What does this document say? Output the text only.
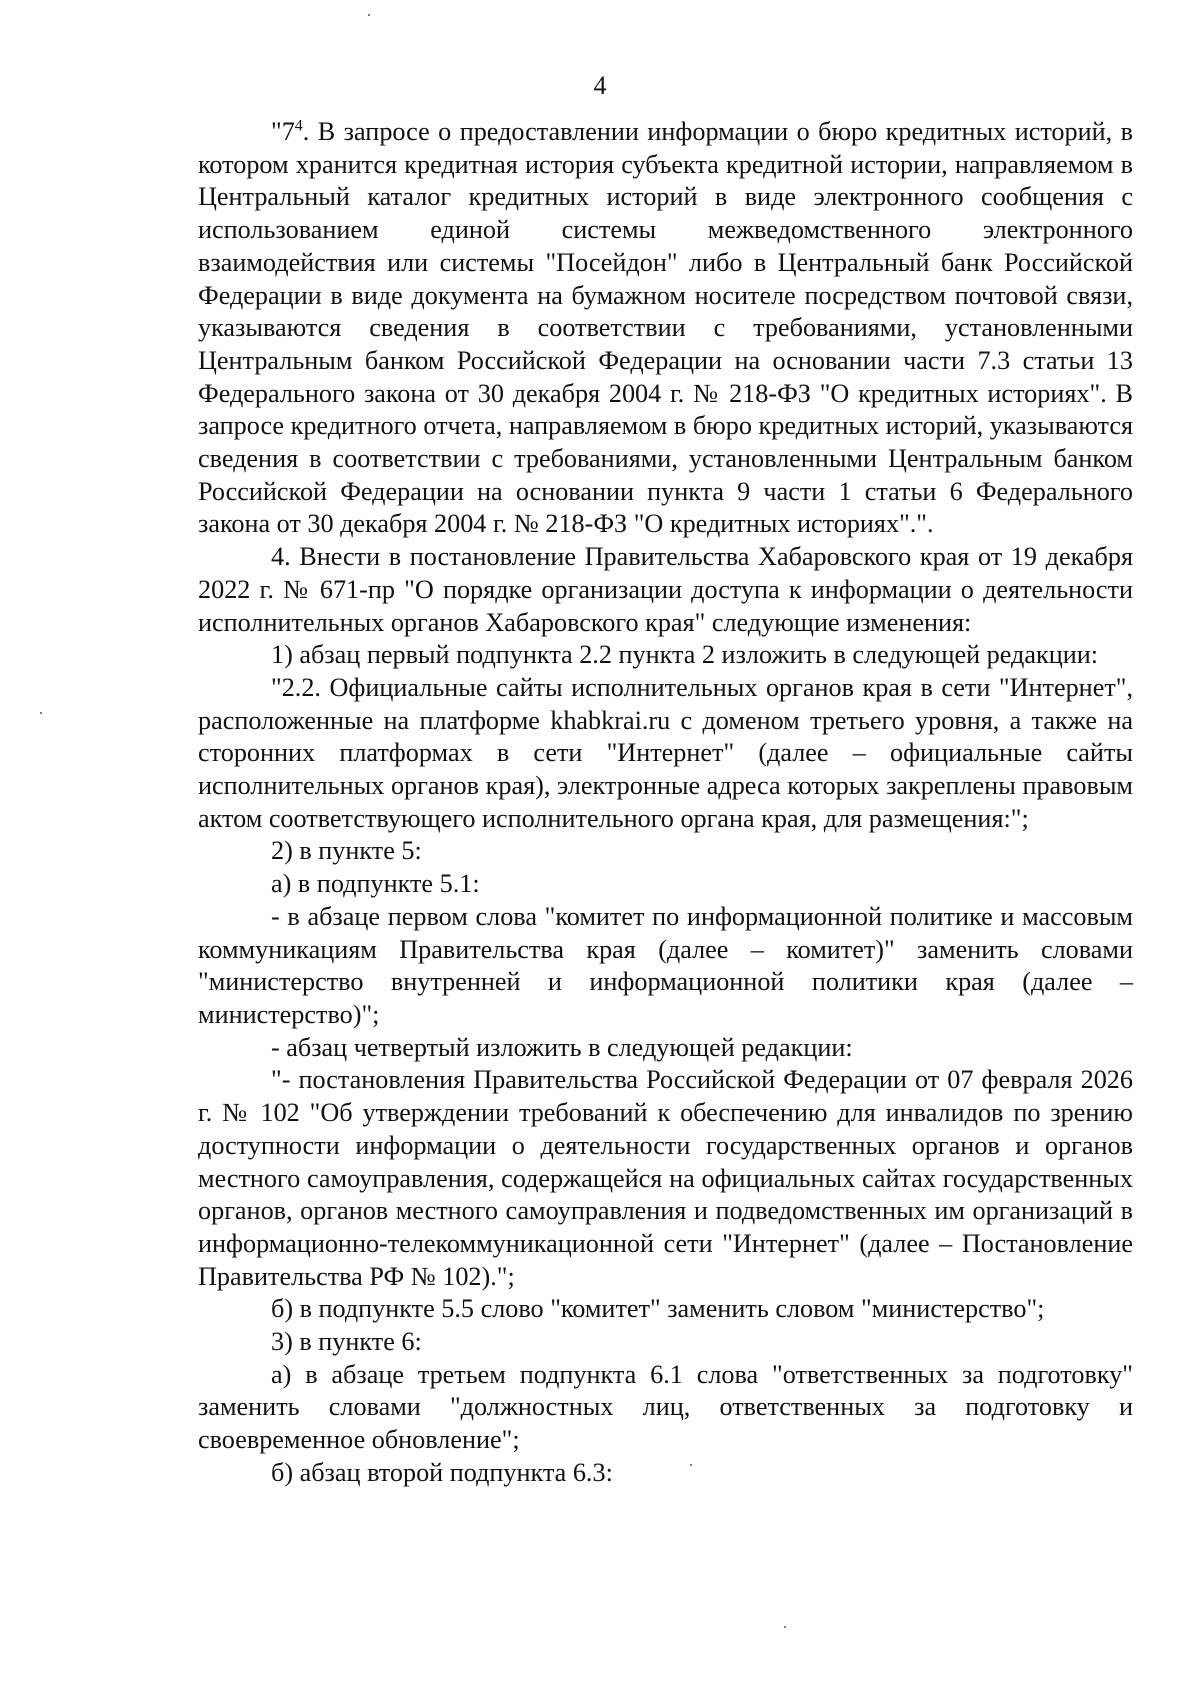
4

"$7^4$. В запросе о предоставлении информации о бюро кредитных историй, в котором хранится кредитная история субъекта кредитной истории, направляемом в Центральный каталог кредитных историй в виде электронного сообщения с использованием единой системы межведомственного электронного взаимодействия или системы "Посейдон" либо в Центральный банк Российской Федерации в виде документа на бумажном носителе посредством почтовой связи, указываются сведения в соответствии с требованиями, установленными Центральным банком Российской Федерации на основании части 7.3 статьи 13 Федерального закона от 30 декабря 2004 г. № 218-ФЗ "О кредитных историях". В запросе кредитного отчета, направляемом в бюро кредитных историй, указываются сведения в соответствии с требованиями, установленными Центральным банком Российской Федерации на основании пункта 9 части 1 статьи 6 Федерального закона от 30 декабря 2004 г. № 218-ФЗ "О кредитных историях".".

4. Внести в постановление Правительства Хабаровского края от 19 декабря 2022 г. № 671-пр "О порядке организации доступа к информации о деятельности исполнительных органов Хабаровского края" следующие изменения:

1) абзац первый подпункта 2.2 пункта 2 изложить в следующей редакции:

"2.2. Официальные сайты исполнительных органов края в сети "Интернет", расположенные на платформе khabkrai.ru с доменом третьего уровня, а также на сторонних платформах в сети "Интернет" (далее – официальные сайты исполнительных органов края), электронные адреса которых закреплены правовым актом соответствующего исполнительного органа края, для размещения:";

2) в пункте 5:

а) в подпункте 5.1:

- в абзаце первом слова "комитет по информационной политике и массовым коммуникациям Правительства края (далее – комитет)" заменить словами "министерство внутренней и информационной политики края (далее – министерство)";

- абзац четвертый изложить в следующей редакции:

"- постановления Правительства Российской Федерации от 07 февраля 2026 г. № 102 "Об утверждении требований к обеспечению для инвалидов по зрению доступности информации о деятельности государственных органов и органов местного самоуправления, содержащейся на официальных сайтах государственных органов, органов местного самоуправления и подведомственных им организаций в информационно-телекоммуникационной сети "Интернет" (далее – Постановление Правительства РФ № 102).";

б) в подпункте 5.5 слово "комитет" заменить словом "министерство";

3) в пункте 6:

а) в абзаце третьем подпункта 6.1 слова "ответственных за подготовку" заменить словами "должностных лиц, ответственных за подготовку и своевременное обновление";

б) абзац второй подпункта 6.3:
